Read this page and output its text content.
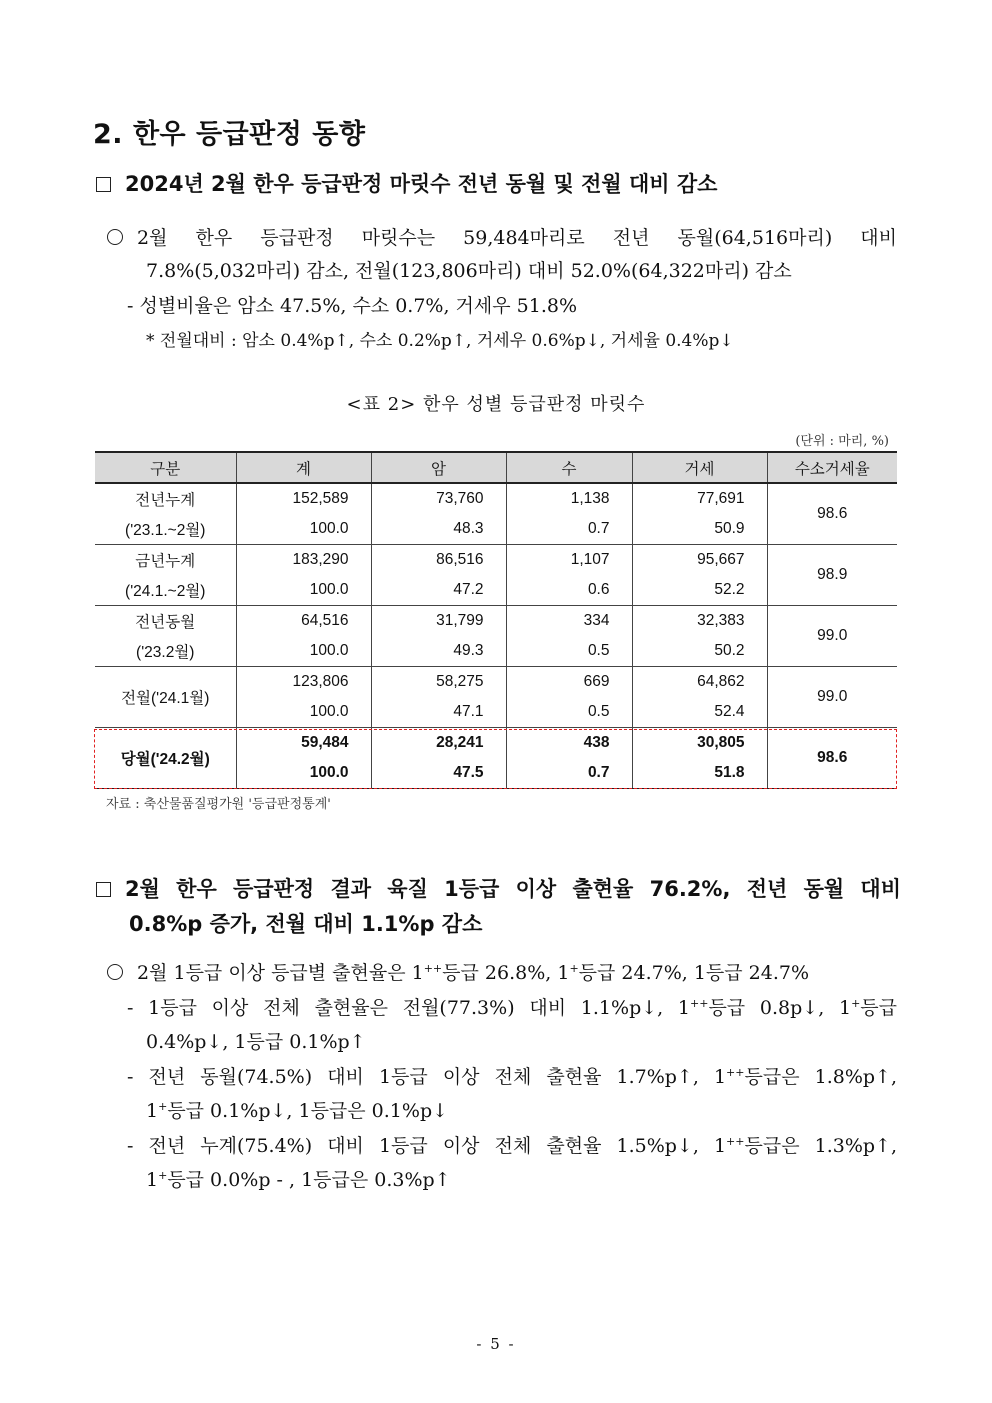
2. 한우 등급판정 동향
2024년 2월 한우 등급판정 마릿수 전년 동월 및 전월 대비 감소
2월 한우 등급판정 마릿수는 59,484마리로 전년 동월(64,516마리) 대비
7.8%(5,032마리) 감소, 전월(123,806마리) 대비 52.0%(64,322마리) 감소
- 성별비율은 암소 47.5%, 수소 0.7%, 거세우 51.8%
* 전월대비 : 암소 0.4%p↑, 수소 0.2%p↑, 거세우 0.6%p↓, 거세율 0.4%p↓
<표 2> 한우 성별 등급판정 마릿수
(단위 : 마리, %)
구분	계	암	수	거세	수소거세율
전년누계	152,589	73,760	1,138	77,691	98.6
('23.1.~2월)	100.0	48.3	0.7	50.9	
금년누계	183,290	86,516	1,107	95,667	98.9
('24.1.~2월)	100.0	47.2	0.6	52.2	
전년동월	64,516	31,799	334	32,383	99.0
('23.2월)	100.0	49.3	0.5	50.2	
전월('24.1월)	123,806	58,275	669	64,862	99.0
	100.0	47.1	0.5	52.4	
당월('24.2월)	59,484	28,241	438	30,805	98.6
	100.0	47.5	0.7	51.8	
자료 : 축산물품질평가원 '등급판정통계'
2월 한우 등급판정 결과 육질 1등급 이상 출현율 76.2%, 전년 동월 대비
0.8%p 증가, 전월 대비 1.1%p 감소
2월 1등급 이상 등급별 출현율은 1++등급 26.8%, 1+등급 24.7%, 1등급 24.7%
- 1등급 이상 전체 출현율은 전월(77.3%) 대비 1.1%p↓, 1++등급 0.8p↓, 1+등급
0.4%p↓, 1등급 0.1%p↑
- 전년 동월(74.5%) 대비 1등급 이상 전체 출현율 1.7%p↑, 1++등급은 1.8%p↑,
1+등급 0.1%p↓, 1등급은 0.1%p↓
- 전년 누계(75.4%) 대비 1등급 이상 전체 출현율 1.5%p↓, 1++등급은 1.3%p↑,
1+등급 0.0%p - , 1등급은 0.3%p↑
- 5 -
